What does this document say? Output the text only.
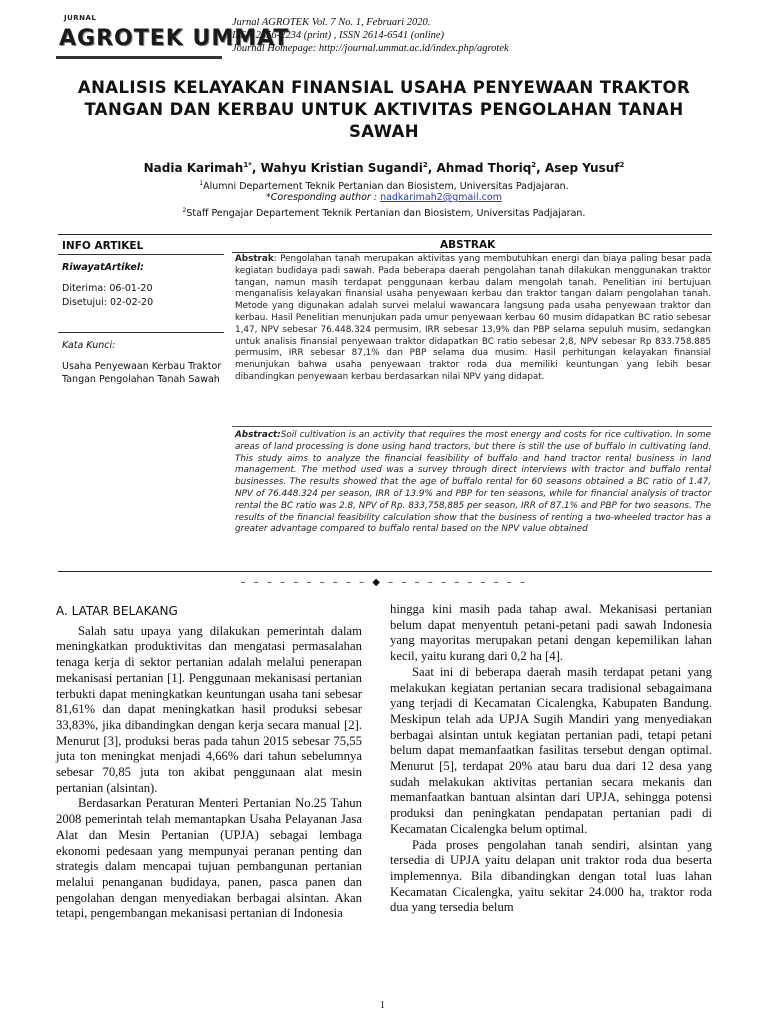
JURNAL
AGROTEK UMMAT
Jurnal AGROTEK Vol. 7 No. 1, Februari 2020.
ISSN 2356-2234 (print) , ISSN 2614-6541 (online)
Journal Homepage: http://journal.ummat.ac.id/index.php/agrotek
ANALISIS KELAYAKAN FINANSIAL USAHA PENYEWAAN TRAKTOR TANGAN DAN KERBAU UNTUK AKTIVITAS PENGOLAHAN TANAH SAWAH
Nadia Karimah$^{1*}$, Wahyu Kristian Sugandi$^2$, Ahmad Thoriq$^2$, Asep Yusuf$^2$
$^1$Alumni Departement Teknik Pertanian dan Biosistem, Universitas Padjajaran.
*Coresponding author : nadkarimah2@gmail.com
$^2$Staff Pengajar Departement Teknik Pertanian dan Biosistem, Universitas Padjajaran.
INFO ARTIKEL	ABSTRAK
RiwayatArtikel:
Diterima: 06-01-20
Disetujui: 02-02-20
Kata Kunci:
Usaha Penyewaan Kerbau Traktor Tangan Pengolahan Tanah Sawah
Abstrak: Pengolahan tanah merupakan aktivitas yang membutuhkan energi dan biaya paling besar pada kegiatan budidaya padi sawah. Pada beberapa daerah pengolahan tanah dilakukan menggunakan traktor tangan, namun masih terdapat penggunaan kerbau dalam mengolah tanah. Penelitian ini bertujuan menganalisis kelayakan finansial usaha penyewaan kerbau dan traktor tangan dalam pengolahan tanah. Metode yang digunakan adalah survei melalui wawancara langsung pada usaha penyewaan traktor dan kerbau. Hasil Penelitian menunjukan pada umur penyewaan kerbau 60 musim didapatkan BC ratio sebesar 1,47, NPV sebesar 76.448.324 permusim, IRR sebesar 13,9% dan PBP selama sepuluh musim, sedangkan untuk analisis finansial penyewaan traktor didapatkan BC ratio sebesar 2,8, NPV sebesar Rp 833.758.885 permusim, IRR sebesar 87,1% dan PBP selama dua musim. Hasil perhitungan kelayakan finansial menunjukan bahwa usaha penyewaan traktor roda dua memiliki keuntungan yang lebih besar dibandingkan penyewaan kerbau berdasarkan nilai NPV yang didapat.
Abstract:Soil cultivation is an activity that requires the most energy and costs for rice cultivation. In some areas of land processing is done using hand tractors, but there is still the use of buffalo in cultivating land. This study aims to analyze the financial feasibility of buffalo and hand tractor rental business in land management. The method used was a survey through direct interviews with tractor and buffalo rental businesses. The results showed that the age of buffalo rental for 60 seasons obtained a BC ratio of 1.47, NPV of 76.448.324 per season, IRR of 13.9% and PBP for ten seasons, while for financial analysis of tractor rental the BC ratio was 2.8, NPV of Rp. 833,758,885 per season, IRR of 87.1% and PBP for two seasons. The results of the financial feasibility calculation show that the business of renting a two-wheeled tractor has a greater advantage compared to buffalo rental based on the NPV value obtained
– – – – – – – – – – ◆ – – – – – – – – – – –
A. LATAR BELAKANG

Salah satu upaya yang dilakukan pemerintah dalam meningkatkan produktivitas dan mengatasi permasalahan tenaga kerja di sektor pertanian adalah melalui penerapan mekanisasi pertanian [1]. Penggunaan mekanisasi pertanian terbukti dapat meningkatkan keuntungan usaha tani sebesar 81,61% dan dapat meningkatkan hasil produksi sebesar 33,83%, jika dibandingkan dengan kerja secara manual [2]. Menurut [3], produksi beras pada tahun 2015 sebesar 75,55 juta ton meningkat menjadi 4,66% dari tahun sebelumnya sebesar 70,85 juta ton akibat penggunaan alat mesin pertanian (alsintan).

Berdasarkan Peraturan Menteri Pertanian No.25 Tahun 2008 pemerintah telah memantapkan Usaha Pelayanan Jasa Alat dan Mesin Pertanian (UPJA) sebagai lembaga ekonomi pedesaan yang mempunyai peranan penting dan strategis dalam mencapai tujuan pembangunan pertanian melalui penanganan budidaya, panen, pasca panen dan pengolahan dengan menyediakan berbagai alsintan. Akan tetapi, pengembangan mekanisasi pertanian di Indonesia

hingga kini masih pada tahap awal. Mekanisasi pertanian belum dapat menyentuh petani-petani padi sawah Indonesia yang mayoritas merupakan petani dengan kepemilikan lahan kecil, yaitu kurang dari 0,2 ha [4].

Saat ini di beberapa daerah masih terdapat petani yang melakukan kegiatan pertanian secara tradisional sebagaimana yang terjadi di Kecamatan Cicalengka, Kabupaten Bandung. Meskipun telah ada UPJA Sugih Mandiri yang menyediakan berbagai alsintan untuk kegiatan pertanian padi, tetapi petani belum dapat memanfaatkan fasilitas tersebut dengan optimal. Menurut [5], terdapat 20% atau baru dua dari 12 desa yang sudah melakukan aktivitas pertanian secara mekanis dan memanfaatkan bantuan alsintan dari UPJA, sehingga potensi produksi dan peningkatan pendapatan pertanian padi di Kecamatan Cicalengka belum optimal.

Pada proses pengolahan tanah sendiri, alsintan yang tersedia di UPJA yaitu delapan unit traktor roda dua beserta implemennya. Bila dibandingkan dengan total luas lahan Kecamatan Cicalengka, yaitu sekitar 24.000 ha, traktor roda dua yang tersedia belum

1
